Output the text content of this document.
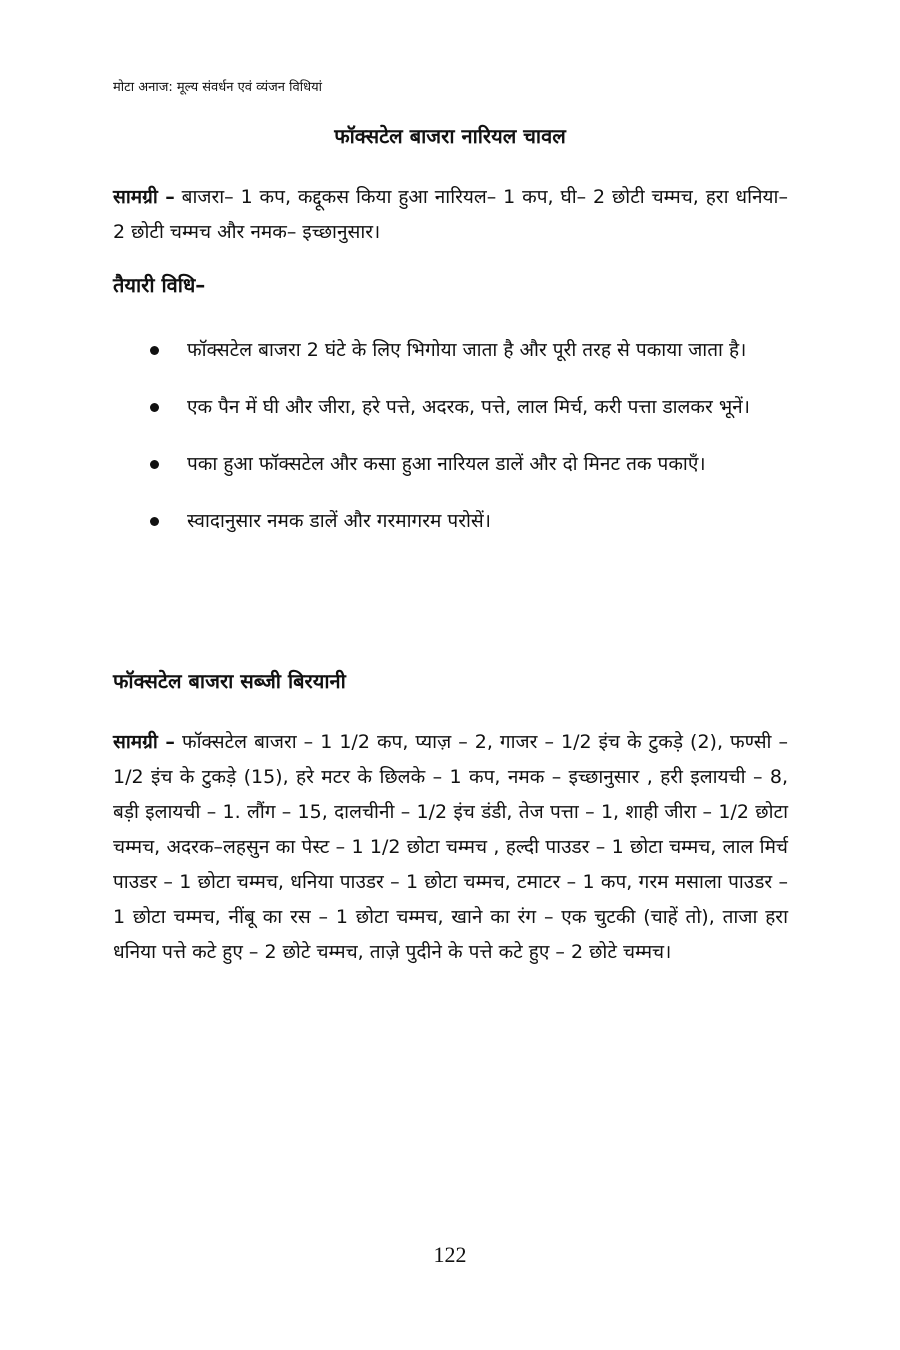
मोटा अनाज: मूल्य संवर्धन एवं व्यंजन विधियां
फॉक्सटेल बाजरा नारियल चावल
सामग्री – बाजरा– 1 कप, कद्दूकस किया हुआ नारियल– 1 कप, घी– 2 छोटी चम्मच, हरा धनिया– 2 छोटी चम्मच और नमक– इच्छानुसार।
तैयारी विधि–
फॉक्सटेल बाजरा 2 घंटे के लिए भिगोया जाता है और पूरी तरह से पकाया जाता है।
एक पैन में घी और जीरा, हरे पत्ते, अदरक, पत्ते, लाल मिर्च, करी पत्ता डालकर भूनें।
पका हुआ फॉक्सटेल और कसा हुआ नारियल डालें और दो मिनट तक पकाएँ।
स्वादानुसार नमक डालें और गरमागरम परोसें।
फॉक्सटेल बाजरा सब्जी बिरयानी
सामग्री – फॉक्सटेल बाजरा – 1 1/2 कप, प्याज़ – 2, गाजर – 1/2 इंच के टुकड़े (2), फण्सी – 1/2 इंच के टुकड़े (15), हरे मटर के छिलके – 1 कप, नमक – इच्छानुसार , हरी इलायची – 8, बड़ी इलायची – 1. लौंग – 15, दालचीनी – 1/2 इंच डंडी, तेज पत्ता – 1, शाही जीरा – 1/2 छोटा चम्मच, अदरक–लहसुन का पेस्ट – 1 1/2 छोटा चम्मच , हल्दी पाउडर – 1 छोटा चम्मच, लाल मिर्च पाउडर – 1 छोटा चम्मच, धनिया पाउडर – 1 छोटा चम्मच, टमाटर – 1 कप, गरम मसाला पाउडर – 1 छोटा चम्मच, नींबू का रस – 1 छोटा चम्मच, खाने का रंग – एक चुटकी (चाहें तो), ताजा हरा धनिया पत्ते कटे हुए – 2 छोटे चम्मच, ताज़े पुदीने के पत्ते कटे हुए – 2 छोटे चम्मच।
122
